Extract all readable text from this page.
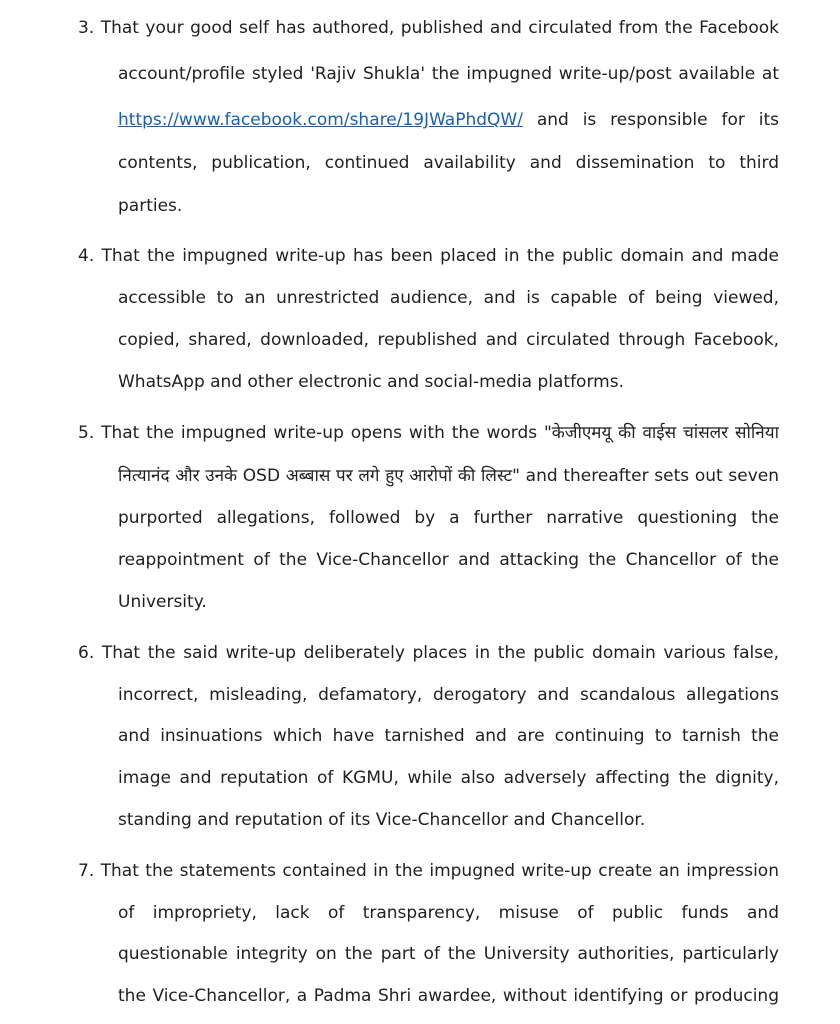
3. That your good self has authored, published and circulated from the Facebook
account/profile styled 'Rajiv Shukla' the impugned write-up/post available at
https://www.facebook.com/share/19JWaPhdQW/ and is responsible for its
contents, publication, continued availability and dissemination to third
parties.
4. That the impugned write-up has been placed in the public domain and made
accessible to an unrestricted audience, and is capable of being viewed,
copied, shared, downloaded, republished and circulated through Facebook,
WhatsApp and other electronic and social-media platforms.
5. That the impugned write-up opens with the words "केजीएमयू की वाईस चांसलर सोनिया
नित्यानंद और उनके OSD अब्बास पर लगे हुए आरोपों की लिस्ट" and thereafter sets out seven
purported allegations, followed by a further narrative questioning the
reappointment of the Vice-Chancellor and attacking the Chancellor of the
University.
6. That the said write-up deliberately places in the public domain various false,
incorrect, misleading, defamatory, derogatory and scandalous allegations
and insinuations which have tarnished and are continuing to tarnish the
image and reputation of KGMU, while also adversely affecting the dignity,
standing and reputation of its Vice-Chancellor and Chancellor.
7. That the statements contained in the impugned write-up create an impression
of impropriety, lack of transparency, misuse of public funds and
questionable integrity on the part of the University authorities, particularly
the Vice-Chancellor, a Padma Shri awardee, without identifying or producing
